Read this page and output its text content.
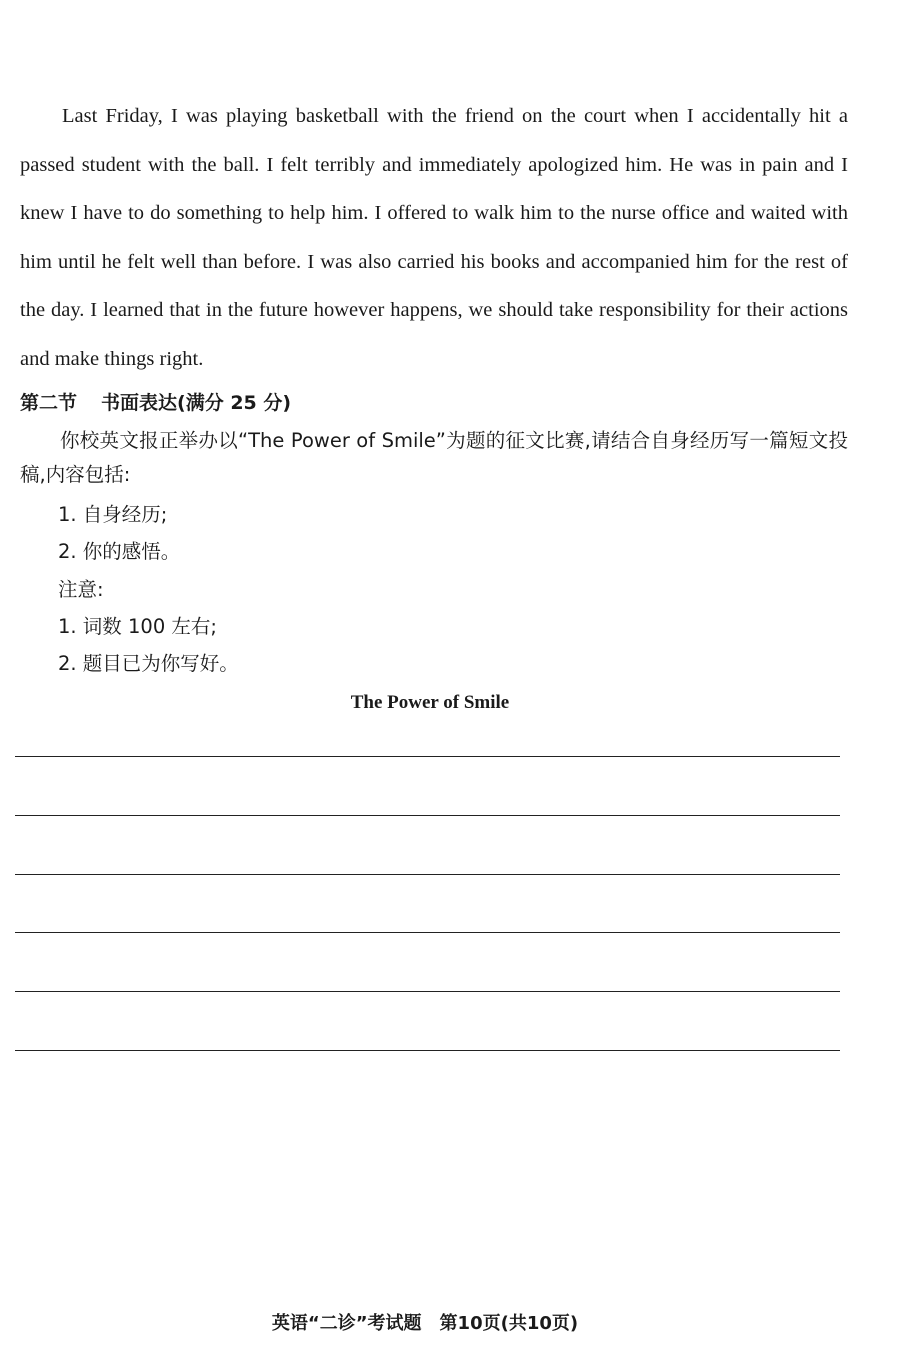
Last Friday, I was playing basketball with the friend on the court when I accidentally hit a passed student with the ball. I felt terribly and immediately apologized him. He was in pain and I knew I have to do something to help him. I offered to walk him to the nurse office and waited with him until he felt well than before. I was also carried his books and accompanied him for the rest of the day. I learned that in the future however happens, we should take responsibility for their actions and make things right.

第二节 书面表达(满分 25 分)

你校英文报正举办以“The Power of Smile”为题的征文比赛,请结合自身经历写一篇短文投稿,内容包括:

1. 自身经历;

2. 你的感悟。

注意:

1. 词数 100 左右;

2. 题目已为你写好。

The Power of Smile

英语“二诊”考试题 第10页(共10页)
